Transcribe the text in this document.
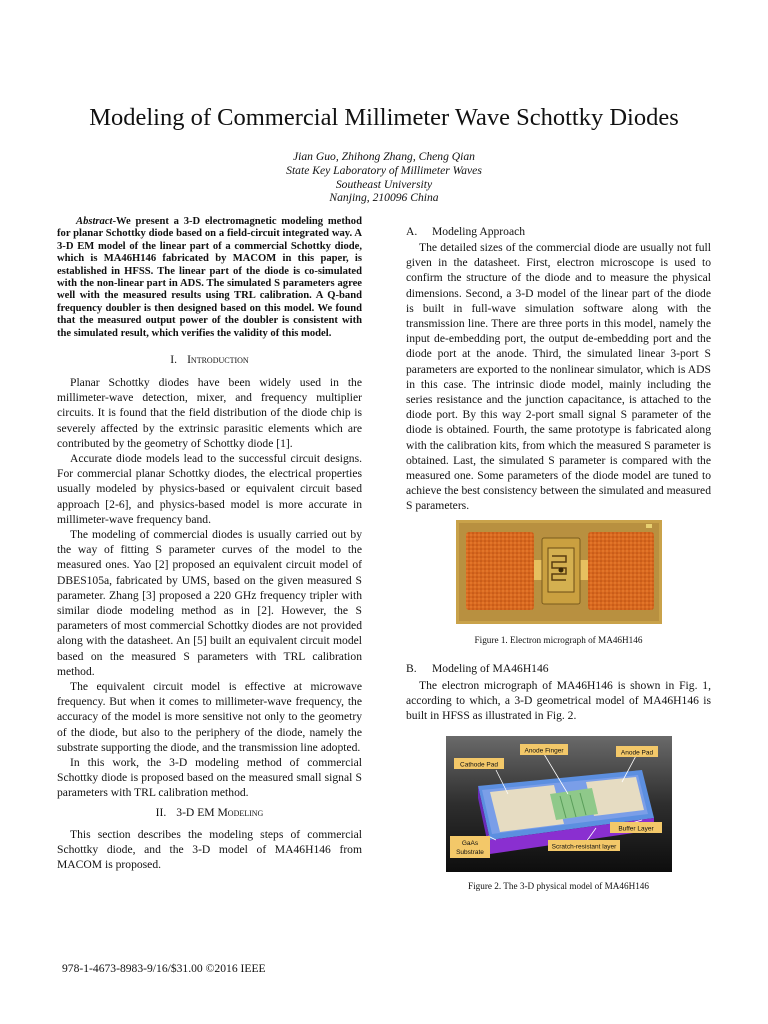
Modeling of Commercial Millimeter Wave Schottky Diodes
Jian Guo, Zhihong Zhang, Cheng Qian
State Key Laboratory of Millimeter Waves
Southeast University
Nanjing, 210096 China
Abstract-We present a 3-D electromagnetic modeling method for planar Schottky diode based on a field-circuit integrated way. A 3-D EM model of the linear part of a commercial Schottky diode, which is MA46H146 fabricated by MACOM in this paper, is established in HFSS. The linear part of the diode is co-simulated with the non-linear part in ADS. The simulated S parameters agree well with the measured results using TRL calibration. A Q-band frequency doubler is then designed based on this model. We found that the measured output power of the doubler is consistent with the simulated result, which verifies the validity of this model.
I. Introduction

Planar Schottky diodes have been widely used in the millimeter-wave detection, mixer, and frequency multiplier circuits. It is found that the field distribution of the diode chip is severely affected by the extrinsic parasitic elements which are contributed by the geometry of Schottky diode [1].

Accurate diode models lead to the successful circuit designs. For commercial planar Schottky diodes, the electrical properties usually modeled by physics-based or equivalent circuit based approach [2-6], and physics-based model is more accurate in millimeter-wave frequency band.

The modeling of commercial diodes is usually carried out by the way of fitting S parameter curves of the model to the measured ones. Yao [2] proposed an equivalent circuit model of DBES105a, fabricated by UMS, based on the given measured S parameter. Zhang [3] proposed a 220 GHz frequency tripler with similar diode modeling method as in [2]. However, the S parameters of most commercial Schottky diodes are not provided along with the datasheet. An [5] built an equivalent circuit model based on the measured S parameters with TRL calibration method.

The equivalent circuit model is effective at microwave frequency. But when it comes to millimeter-wave frequency, the accuracy of the model is more sensitive not only to the geometry of the diode, but also to the periphery of the diode, namely the substrate supporting the diode, and the transmission line adopted.

In this work, the 3-D modeling method of commercial Schottky diode is proposed based on the measured small signal S parameters with TRL calibration method.

II. 3-D EM Modeling

This section describes the modeling steps of commercial Schottky diode, and the 3-D model of MA46H146 from MACOM is proposed.

A. Modeling Approach

The detailed sizes of the commercial diode are usually not full given in the datasheet. First, electron microscope is used to confirm the structure of the diode and to measure the physical dimensions. Second, a 3-D model of the linear part of the diode is built in full-wave simulation software along with the transmission line. There are three ports in this model, namely the input de-embedding port, the output de-embedding port and the diode port at the anode. Third, the simulated linear 3-port S parameters are exported to the nonlinear simulator, which is ADS in this case. The intrinsic diode model, mainly including the series resistance and the junction capacitance, is attached to the diode port. By this way 2-port small signal S parameter of the diode is obtained. Fourth, the same prototype is fabricated along with the calibration kits, from which the measured S parameter is obtained. Last, the simulated S parameter is compared with the measured one. Some parameters of the diode model are tuned to achieve the best consistency between the simulated and measured S parameters.

Figure 1. Electron micrograph of MA46H146
B. Modeling of MA46H146

The electron micrograph of MA46H146 is shown in Fig. 1, according to which, a 3-D geometrical model of MA46H146 is built in HFSS as illustrated in Fig. 2.

Anode Finger	Anode Pad
Cathode Pad
Buffer Layer
GaAs
Substrate
Scratch-resistant layer
Figure 2. The 3-D physical model of MA46H146
978-1-4673-8983-9/16/$31.00 ©2016 IEEE
